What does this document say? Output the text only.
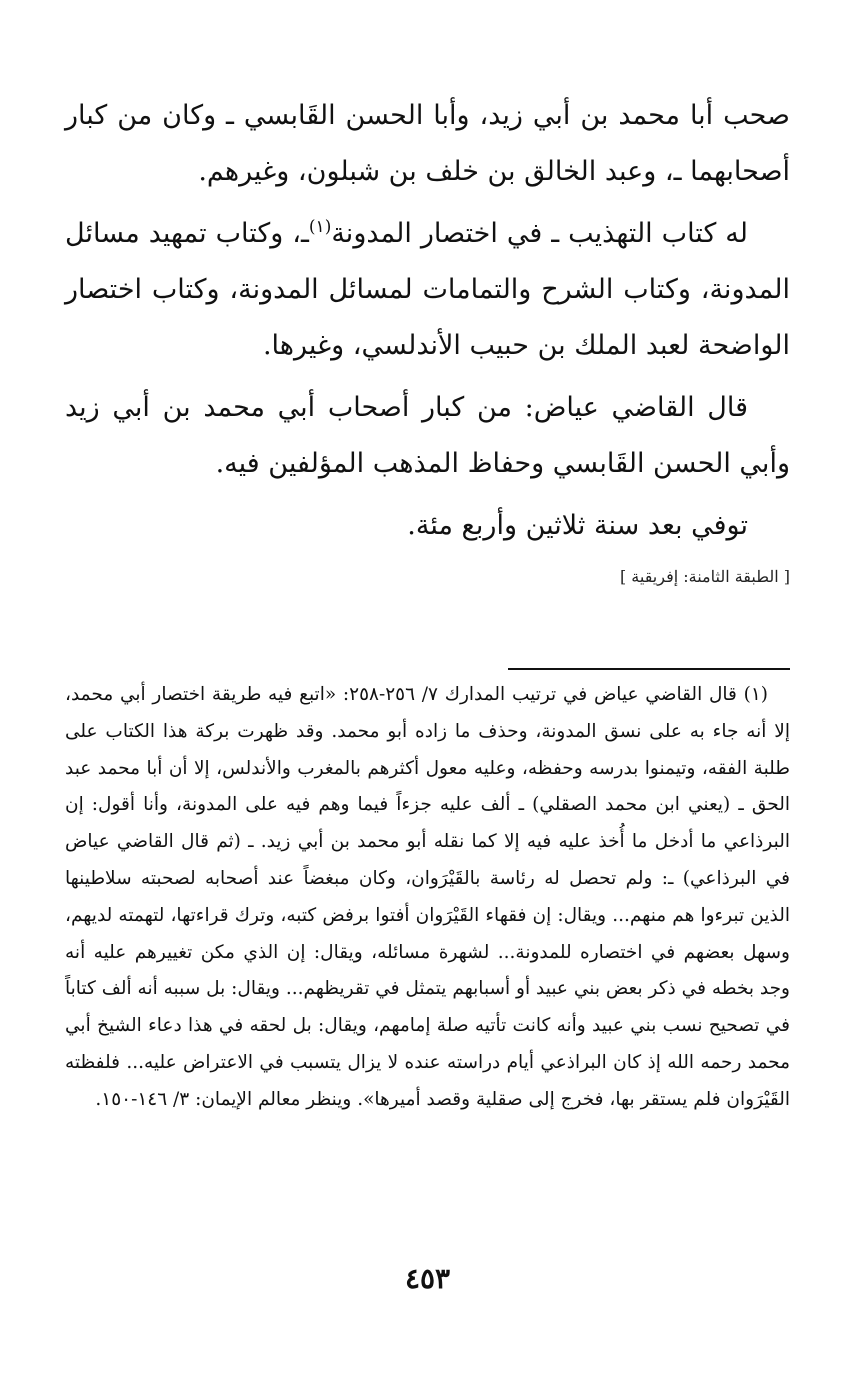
صحب أبا محمد بن أبي زيد، وأبا الحسن القَابسي ـ وكان من كبار أصحابهما ـ، وعبد الخالق بن خلف بن شبلون، وغيرهم.

له كتاب التهذيب ـ في اختصار المدونة$^{(١)}$ـ، وكتاب تمهيد مسائل المدونة، وكتاب الشرح والتمامات لمسائل المدونة، وكتاب اختصار الواضحة لعبد الملك بن حبيب الأندلسي، وغيرها.

قال القاضي عياض: من كبار أصحاب أبي محمد بن أبي زيد وأبي الحسن القَابسي وحفاظ المذهب المؤلفين فيه.

توفي بعد سنة ثلاثين وأربع مئة.

[ الطبقة الثامنة: إفريقية ]

(١) قال القاضي عياض في ترتيب المدارك ٧/ ٢٥٦-٢٥٨: «اتبع فيه طريقة اختصار أبي محمد، إلا أنه جاء به على نسق المدونة، وحذف ما زاده أبو محمد. وقد ظهرت بركة هذا الكتاب على طلبة الفقه، وتيمنوا بدرسه وحفظه، وعليه معول أكثرهم بالمغرب والأندلس، إلا أن أبا محمد عبد الحق ـ (يعني ابن محمد الصقلي) ـ ألف عليه جزءاً فيما وهم فيه على المدونة، وأنا أقول: إن البرذاعي ما أدخل ما أُخذ عليه فيه إلا كما نقله أبو محمد بن أبي زيد. ـ (ثم قال القاضي عياض في البرذاعي) ـ: ولم تحصل له رئاسة بالقَيْرَوان، وكان مبغضاً عند أصحابه لصحبته سلاطينها الذين تبرءوا هم منهم... ويقال: إن فقهاء القَيْرَوان أفتوا برفض كتبه، وترك قراءتها، لتهمته لديهم، وسهل بعضهم في اختصاره للمدونة... لشهرة مسائله، ويقال: إن الذي مكن تغييرهم عليه أنه وجد بخطه في ذكر بعض بني عبيد أو أسبابهم يتمثل في تقريظهم... ويقال: بل سببه أنه ألف كتاباً في تصحيح نسب بني عبيد وأنه كانت تأتيه صلة إمامهم، ويقال: بل لحقه في هذا دعاء الشيخ أبي محمد رحمه الله إذ كان البراذعي أيام دراسته عنده لا يزال يتسبب في الاعتراض عليه... فلفظته القَيْرَوان فلم يستقر بها، فخرج إلى صقلية وقصد أميرها». وينظر معالم الإيمان: ٣/ ١٤٦-١٥٠.

٤٥٣
